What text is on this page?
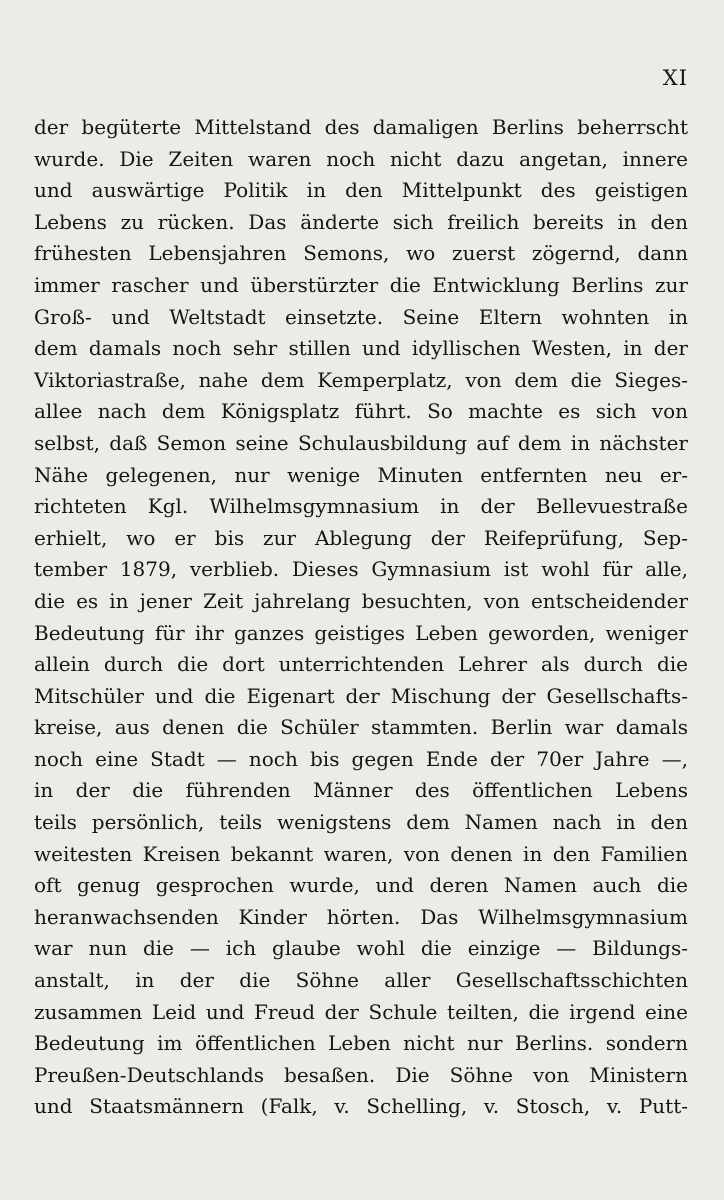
XI
der begüterte Mittelstand des damaligen Berlins beherrscht
wurde. Die Zeiten waren noch nicht dazu angetan, innere
und auswärtige Politik in den Mittelpunkt des geistigen
Lebens zu rücken. Das änderte sich freilich bereits in den
frühesten Lebensjahren Semons, wo zuerst zögernd, dann
immer rascher und überstürzter die Entwicklung Berlins zur
Groß- und Weltstadt einsetzte. Seine Eltern wohnten in
dem damals noch sehr stillen und idyllischen Westen, in der
Viktoriastraße, nahe dem Kemperplatz, von dem die Sieges-
allee nach dem Königsplatz führt. So machte es sich von
selbst, daß Semon seine Schulausbildung auf dem in nächster
Nähe gelegenen, nur wenige Minuten entfernten neu er-
richteten Kgl. Wilhelmsgymnasium in der Bellevuestraße
erhielt, wo er bis zur Ablegung der Reifeprüfung, Sep-
tember 1879, verblieb. Dieses Gymnasium ist wohl für alle,
die es in jener Zeit jahrelang besuchten, von entscheidender
Bedeutung für ihr ganzes geistiges Leben geworden, weniger
allein durch die dort unterrichtenden Lehrer als durch die
Mitschüler und die Eigenart der Mischung der Gesellschafts-
kreise, aus denen die Schüler stammten. Berlin war damals
noch eine Stadt — noch bis gegen Ende der 70er Jahre —,
in der die führenden Männer des öffentlichen Lebens
teils persönlich, teils wenigstens dem Namen nach in den
weitesten Kreisen bekannt waren, von denen in den Familien
oft genug gesprochen wurde, und deren Namen auch die
heranwachsenden Kinder hörten. Das Wilhelmsgymnasium
war nun die — ich glaube wohl die einzige — Bildungs-
anstalt, in der die Söhne aller Gesellschaftsschichten
zusammen Leid und Freud der Schule teilten, die irgend eine
Bedeutung im öffentlichen Leben nicht nur Berlins. sondern
Preußen-Deutschlands besaßen. Die Söhne von Ministern
und Staatsmännern (Falk, v. Schelling, v. Stosch, v. Putt-
